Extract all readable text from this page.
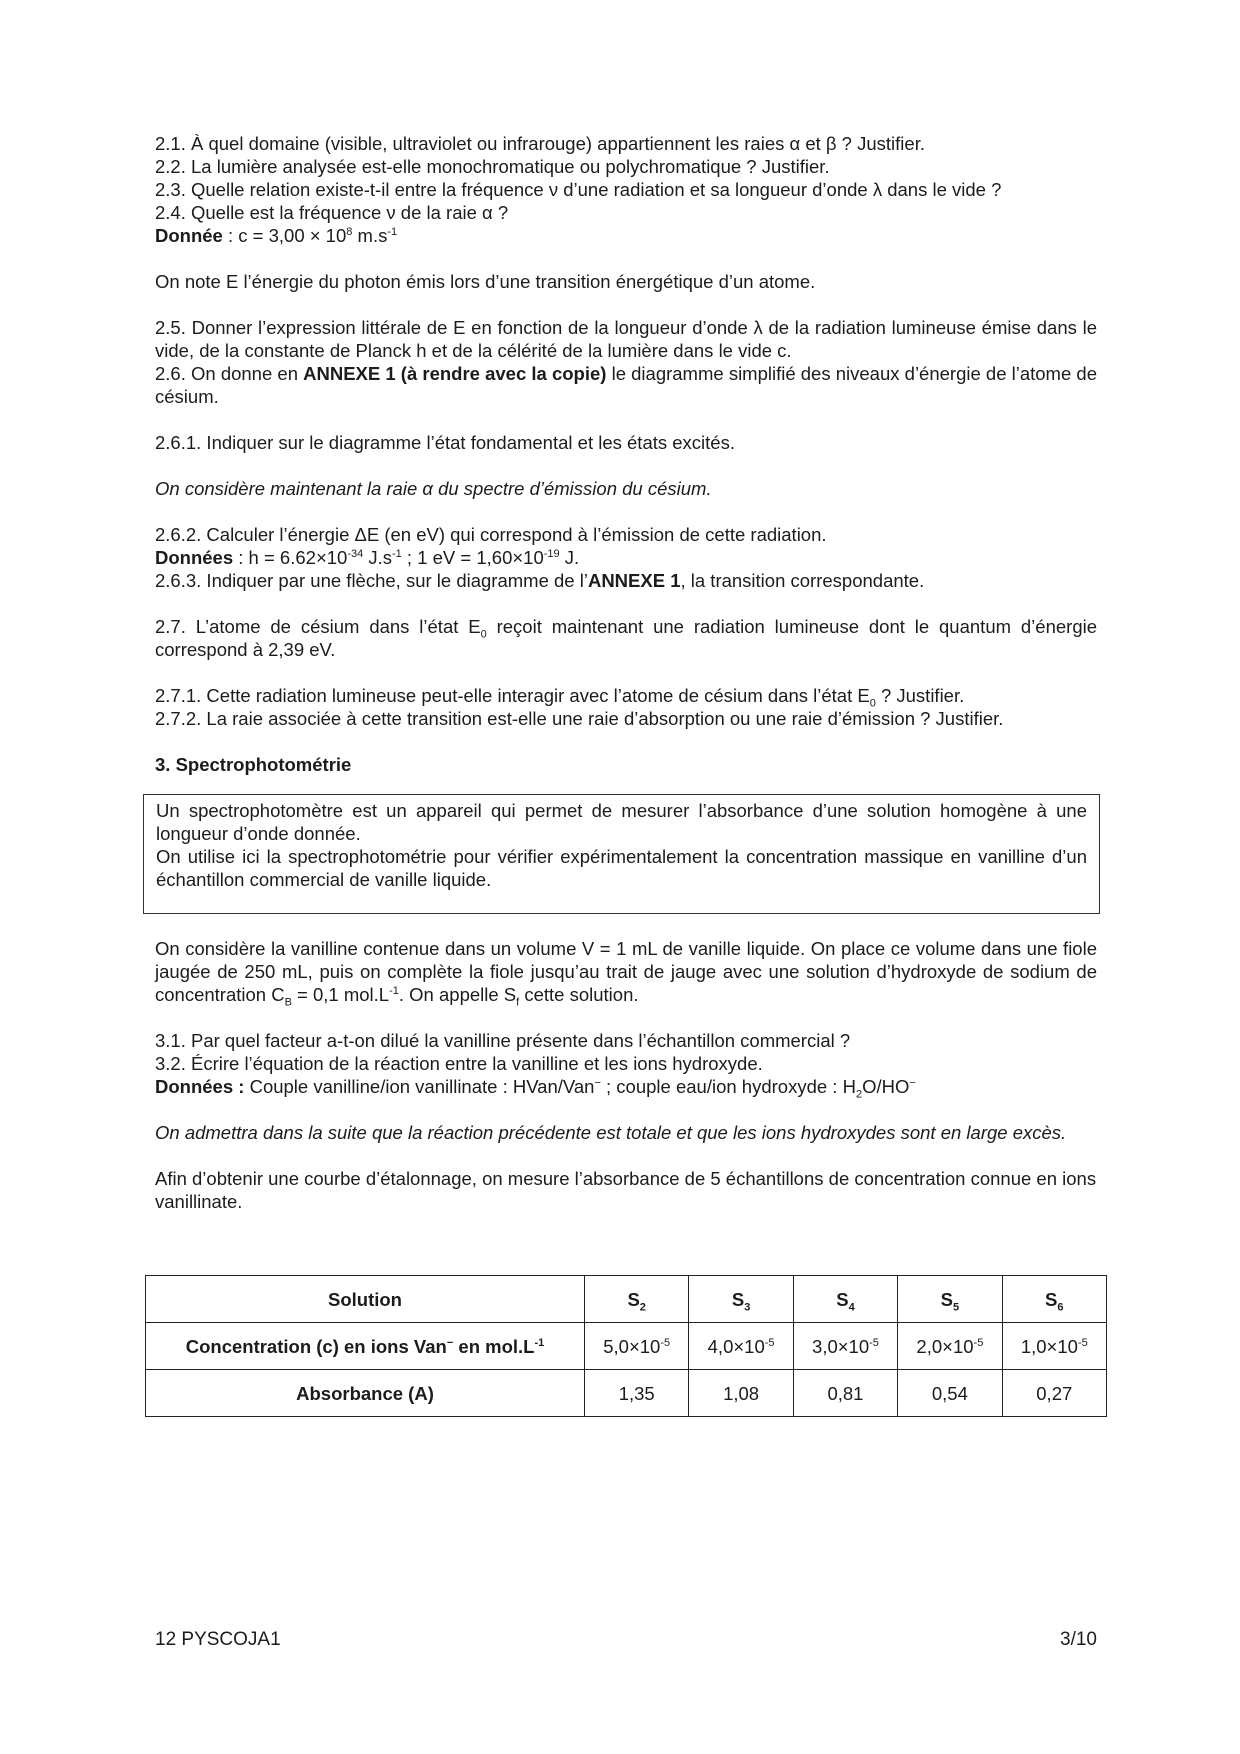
2.1. À quel domaine (visible, ultraviolet ou infrarouge) appartiennent les raies α et β ? Justifier.

2.2. La lumière analysée est-elle monochromatique ou polychromatique ? Justifier.

2.3. Quelle relation existe-t-il entre la fréquence ν d’une radiation et sa longueur d’onde λ dans le vide ?

2.4. Quelle est la fréquence ν de la raie α ?

Donnée : $c = 3,00 \times 10^8$ $m.s^{-1}$

On note E l’énergie du photon émis lors d’une transition énergétique d’un atome.

2.5. Donner l’expression littérale de E en fonction de la longueur d’onde λ de la radiation lumineuse émise dans le vide, de la constante de Planck h et de la célérité de la lumière dans le vide c.

2.6. On donne en ANNEXE 1 (à rendre avec la copie) le diagramme simplifié des niveaux d’énergie de l’atome de césium.

2.6.1. Indiquer sur le diagramme l’état fondamental et les états excités.

On considère maintenant la raie α du spectre d’émission du césium.

2.6.2. Calculer l’énergie ΔE (en eV) qui correspond à l’émission de cette radiation.

Données : $h = 6.62\times 10^{-34}$ $J.s^{-1}$ ; 1 eV = $1,60\times 10^{-19}$ J.

2.6.3. Indiquer par une flèche, sur le diagramme de l’ANNEXE 1, la transition correspondante.

2.7. L’atome de césium dans l’état $E_0$ reçoit maintenant une radiation lumineuse dont le quantum d’énergie correspond à 2,39 eV.

2.7.1. Cette radiation lumineuse peut-elle interagir avec l’atome de césium dans l’état $E_0$ ? Justifier.

2.7.2. La raie associée à cette transition est-elle une raie d’absorption ou une raie d’émission ? Justifier.

3. Spectrophotométrie

Un spectrophotomètre est un appareil qui permet de mesurer l’absorbance d’une solution homogène à une longueur d’onde donnée.

On utilise ici la spectrophotométrie pour vérifier expérimentalement la concentration massique en vanilline d’un échantillon commercial de vanille liquide.

On considère la vanilline contenue dans un volume V = 1 mL de vanille liquide. On place ce volume dans une fiole jaugée de 250 mL, puis on complète la fiole jusqu’au trait de jauge avec une solution d’hydroxyde de sodium de concentration $C_B = 0,1$ $mol.L^{-1}$. On appelle $S_f$ cette solution.

3.1. Par quel facteur a-t-on dilué la vanilline présente dans l’échantillon commercial ?

3.2. Écrire l’équation de la réaction entre la vanilline et les ions hydroxyde.

Données : Couple vanilline/ion vanillinate : HVan/Van− ; couple eau/ion hydroxyde : $H_2O/HO^-$

On admettra dans la suite que la réaction précédente est totale et que les ions hydroxydes sont en large excès.

Afin d’obtenir une courbe d’étalonnage, on mesure l’absorbance de 5 échantillons de concentration connue en ions vanillinate.

Solution	$S_2$	$S_3$	$S_4$	$S_5$	$S_6$
Concentration (c) en ions Van− en $mol.L^{-1}$	$5,0\times 10^{-5}$	$4,0\times 10^{-5}$	$3,0\times 10^{-5}$	$2,0\times 10^{-5}$	$1,0\times 10^{-5}$
Absorbance (A)	1,35	1,08	0,81	0,54	0,27
12 PYSCOJA1	3/10
